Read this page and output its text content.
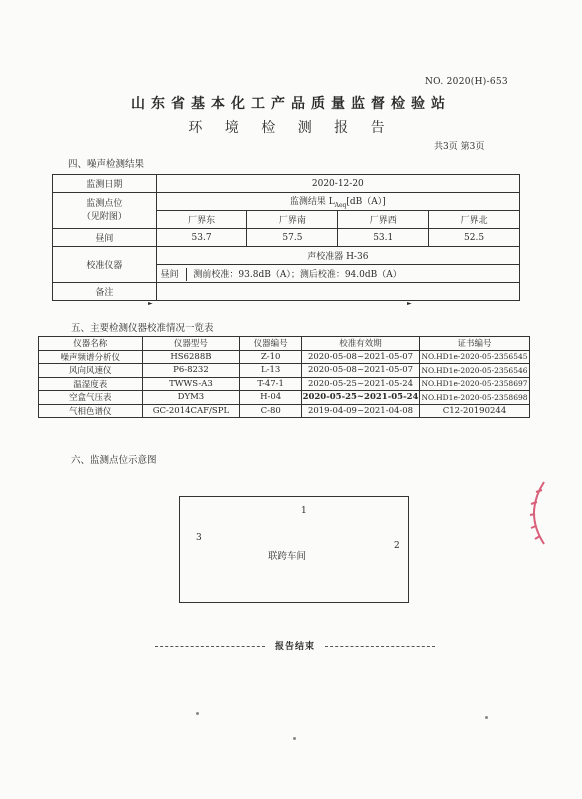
NO. 2020(H)-653
山东省基本化工产品质量监督检验站
环 境 检 测 报 告
共3页 第3页
四、噪声检测结果
监测日期	2020-12-20			
监测点位
（见附图）	监测结果 $L_{Aeq}[dB(A)]$			
	厂界东	厂界南	厂界西	厂界北
昼间	53.7	57.5	53.1	52.5
校准仪器	声校准器 H-36			
	昼间 测前校准：93.8dB（A）；测后校准：94.0dB（A）			
备注				
五、主要检测仪器校准情况一览表
仪器名称	仪器型号	仪器编号	校准有效期	证书编号
噪声频谱分析仪	HS6288B	Z-10	2020-05-08~2021-05-07	NO.HD1e-2020-05-2356545
风向风速仪	P6-8232	L-13	2020-05-08~2021-05-07	NO.HD1e-2020-05-2356546
温湿度表	TWWS-A3	T-47-1	2020-05-25~2021-05-24	NO.HD1e-2020-05-2358697
空盒气压表	DYM3	H-04	2020-05-25~2021-05-24	NO.HD1e-2020-05-2358698
气相色谱仪	GC-2014CAF/SPL	C-80	2019-04-09~2021-04-08	C12-20190244
六、监测点位示意图
1
2
3
联跨车间
报告结束
►	►
